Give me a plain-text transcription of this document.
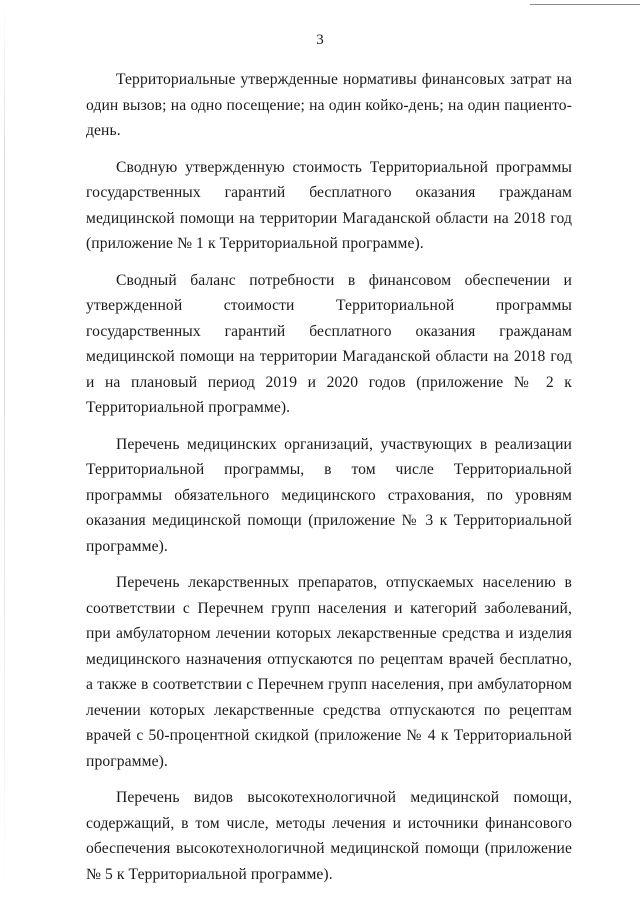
3

Территориальные утвержденные нормативы финансовых затрат на один вызов; на одно посещение; на один койко-день; на один пациенто-день.

Сводную утвержденную стоимость Территориальной программы государственных гарантий бесплатного оказания гражданам медицинской помощи на территории Магаданской области на 2018 год (приложение № 1 к Территориальной программе).

Сводный баланс потребности в финансовом обеспечении и утвержденной стоимости Территориальной программы государственных гарантий бесплатного оказания гражданам медицинской помощи на территории Магаданской области на 2018 год и на плановый период 2019 и 2020 годов (приложение № 2 к Территориальной программе).

Перечень медицинских организаций, участвующих в реализации Территориальной программы, в том числе Территориальной программы обязательного медицинского страхования, по уровням оказания медицинской помощи (приложение № 3 к Территориальной программе).

Перечень лекарственных препаратов, отпускаемых населению в соответствии с Перечнем групп населения и категорий заболеваний, при амбулаторном лечении которых лекарственные средства и изделия медицинского назначения отпускаются по рецептам врачей бесплатно, а также в соответствии с Перечнем групп населения, при амбулаторном лечении которых лекарственные средства отпускаются по рецептам врачей с 50-процентной скидкой (приложение № 4 к Территориальной программе).

Перечень видов высокотехнологичной медицинской помощи, содержащий, в том числе, методы лечения и источники финансового обеспечения высокотехнологичной медицинской помощи (приложение № 5 к Территориальной программе).
